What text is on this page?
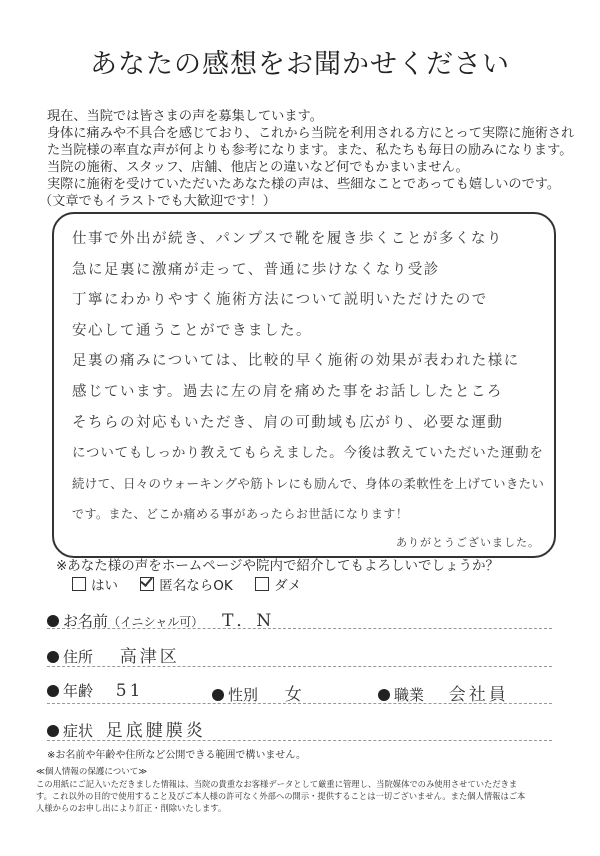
あなたの感想をお聞かせください
現在、当院では皆さまの声を募集しています。
身体に痛みや不具合を感じており、これから当院を利用される方にとって実際に施術され
た当院様の率直な声が何よりも参考になります。また、私たちも毎日の励みになります。
当院の施術、スタッフ、店舗、他店との違いなど何でもかまいません。
実際に施術を受けていただいたあなた様の声は、些細なことであっても嬉しいのです。
（文章でもイラストでも大歓迎です！）
仕事で外出が続き、パンプスで靴を履き歩くことが多くなり
急に足裏に激痛が走って、普通に歩けなくなり受診
丁寧にわかりやすく施術方法について説明いただけたので
安心して通うことができました。
足裏の痛みについては、比較的早く施術の効果が表われた様に
感じています。過去に左の肩を痛めた事をお話ししたところ
そちらの対応もいただき、肩の可動域も広がり、必要な運動
についてもしっかり教えてもらえました。今後は教えていただいた運動を
続けて、日々のウォーキングや筋トレにも励んで、身体の柔軟性を上げていきたい
です。また、どこか痛める事があったらお世話になります！
ありがとうございました。
※あなた様の声をホームページや院内で紹介してもよろしいでしょうか？
はい	匿名ならOK	ダメ
お名前（イニシャル可） T．N
住所 高津区
年齢 51	性別 女	職業 会社員
症状 足底腱膜炎
※お名前や年齢や住所など公開できる範囲で構いません。
≪個人情報の保護について≫
この用紙にご記入いただきました情報は、当院の貴重なお客様データとして厳重に管理し、当院媒体でのみ使用させていただきま
す。これ以外の目的で使用すること及びご本人様の許可なく外部への開示・提供することは一切ございません。また個人情報はご本
人様からのお申し出により訂正・削除いたします。
